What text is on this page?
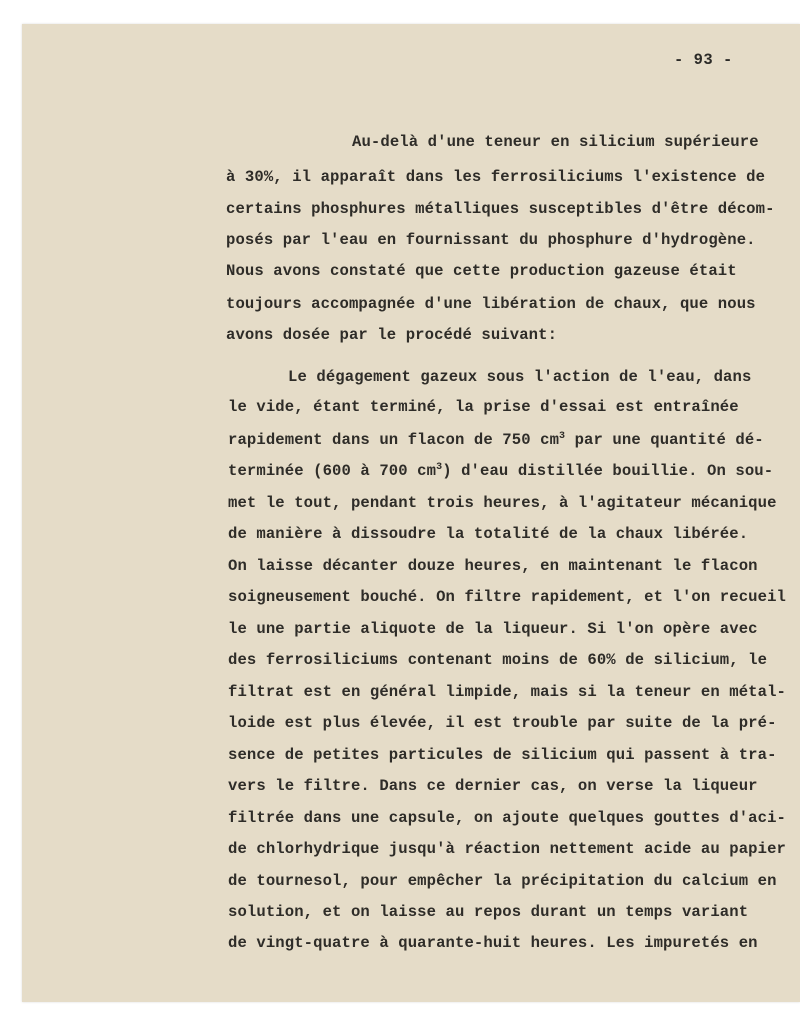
- 93 -
Au-delà d'une teneur en silicium supérieure
à 30%, il apparaît dans les ferrosiliciums l'existence de
certains phosphures métalliques susceptibles d'être décom-
posés par l'eau en fournissant du phosphure d'hydrogène.
Nous avons constaté que cette production gazeuse était
toujours accompagnée d'une libération de chaux, que nous
avons dosée par le procédé suivant:
Le dégagement gazeux sous l'action de l'eau, dans
le vide, étant terminé, la prise d'essai est entraînée
rapidement dans un flacon de 750 $cm^3$ par une quantité dé-
terminée (600 à 700 $cm^3$) d'eau distillée bouillie. On sou-
met le tout, pendant trois heures, à l'agitateur mécanique
de manière à dissoudre la totalité de la chaux libérée.
On laisse décanter douze heures, en maintenant le flacon
soigneusement bouché. On filtre rapidement, et l'on recueil
le une partie aliquote de la liqueur. Si l'on opère avec
des ferrosiliciums contenant moins de 60% de silicium, le
filtrat est en général limpide, mais si la teneur en métal-
loide est plus élevée, il est trouble par suite de la pré-
sence de petites particules de silicium qui passent à tra-
vers le filtre. Dans ce dernier cas, on verse la liqueur
filtrée dans une capsule, on ajoute quelques gouttes d'aci-
de chlorhydrique jusqu'à réaction nettement acide au papier
de tournesol, pour empêcher la précipitation du calcium en
solution, et on laisse au repos durant un temps variant
de vingt-quatre à quarante-huit heures. Les impuretés en
